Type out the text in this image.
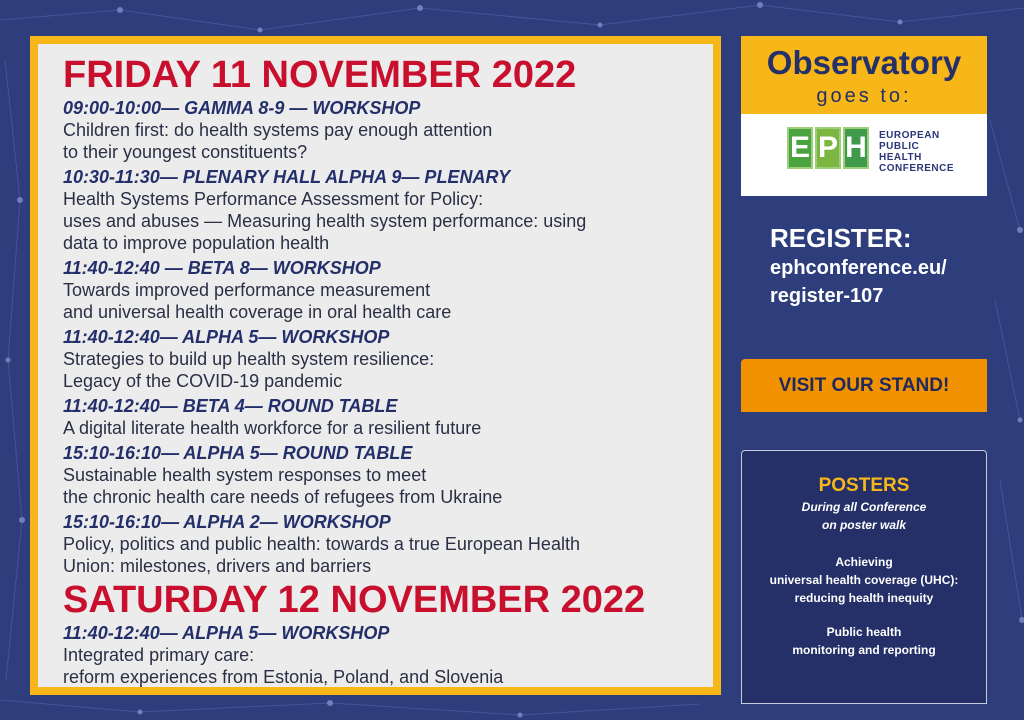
FRIDAY 11 NOVEMBER 2022
09:00-10:00— GAMMA 8-9 — WORKSHOP
Children first: do health systems pay enough attention
to their youngest constituents?
10:30-11:30— PLENARY HALL ALPHA 9— PLENARY
Health Systems Performance Assessment for Policy:
uses and abuses — Measuring health system performance: using
data to improve population health
11:40-12:40 — BETA 8— WORKSHOP
Towards improved performance measurement
and universal health coverage in oral health care
11:40-12:40— ALPHA 5— WORKSHOP
Strategies to build up health system resilience:
Legacy of the COVID-19 pandemic
11:40-12:40— BETA 4— ROUND TABLE
A digital literate health workforce for a resilient future
15:10-16:10— ALPHA 5— ROUND TABLE
Sustainable health system responses to meet
the chronic health care needs of refugees from Ukraine
15:10-16:10— ALPHA 2— WORKSHOP
Policy, politics and public health: towards a true European Health
Union: milestones, drivers and barriers
SATURDAY 12 NOVEMBER 2022
11:40-12:40— ALPHA 5— WORKSHOP
Integrated primary care:
reform experiences from Estonia, Poland, and Slovenia
Observatory
goes to:
E P H EUROPEAN
PUBLIC
HEALTH
CONFERENCE
REGISTER:
ephconference.eu/
register-107
VISIT OUR STAND!
POSTERS
During all Conference
on poster walk
Achieving
universal health coverage (UHC):
reducing health inequity
Public health
monitoring and reporting
